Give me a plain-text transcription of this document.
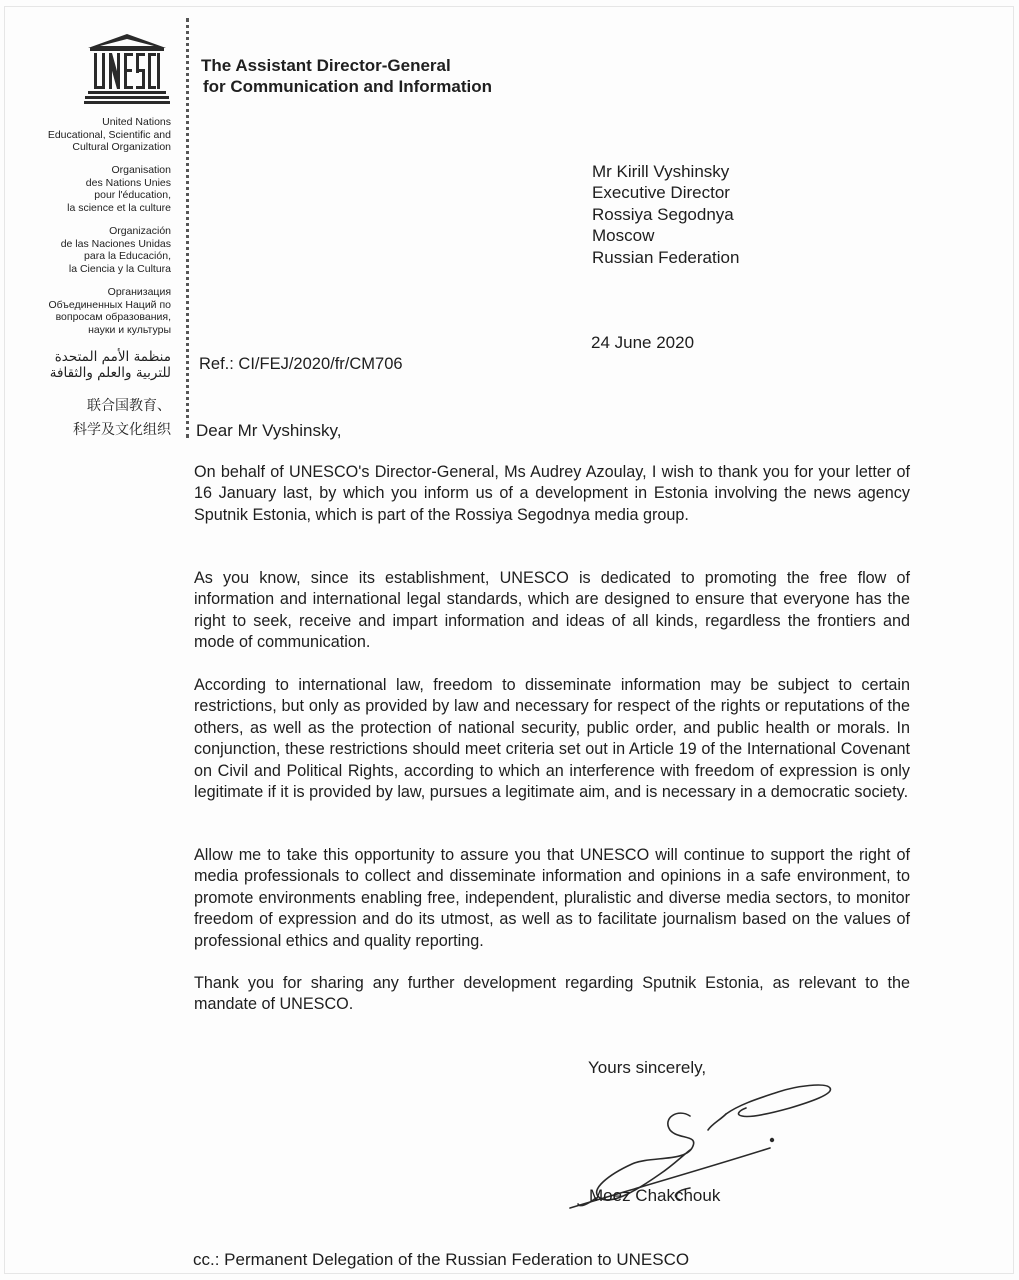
United Nations
Educational, Scientific and
Cultural Organization
Organisation
des Nations Unies
pour l'éducation,
la science et la culture
Organización
de las Naciones Unidas
para la Educación,
la Ciencia y la Cultura
Организация
Объединенных Наций по
вопросам образования,
науки и культуры
منظمة الأمم المتحدة
للتربية والعلم والثقافة
联合国教育、
科学及文化组织
The Assistant Director-General
for Communication and Information
Mr Kirill Vyshinsky
Executive Director
Rossiya Segodnya
Moscow
Russian Federation
24 June 2020
Ref.: CI/FEJ/2020/fr/CM706
Dear Mr Vyshinsky,

On behalf of UNESCO's Director-General, Ms Audrey Azoulay, I wish to thank you for your letter of 16 January last, by which you inform us of a development in Estonia involving the news agency Sputnik Estonia, which is part of the Rossiya Segodnya media group.

As you know, since its establishment, UNESCO is dedicated to promoting the free flow of information and international legal standards, which are designed to ensure that everyone has the right to seek, receive and impart information and ideas of all kinds, regardless the frontiers and mode of communication.

According to international law, freedom to disseminate information may be subject to certain restrictions, but only as provided by law and necessary for respect of the rights or reputations of the others, as well as the protection of national security, public order, and public health or morals. In conjunction, these restrictions should meet criteria set out in Article 19 of the International Covenant on Civil and Political Rights, according to which an interference with freedom of expression is only legitimate if it is provided by law, pursues a legitimate aim, and is necessary in a democratic society.

Allow me to take this opportunity to assure you that UNESCO will continue to support the right of media professionals to collect and disseminate information and opinions in a safe environment, to promote environments enabling free, independent, pluralistic and diverse media sectors, to monitor freedom of expression and do its utmost, as well as to facilitate journalism based on the values of professional ethics and quality reporting.

Thank you for sharing any further development regarding Sputnik Estonia, as relevant to the mandate of UNESCO.

Yours sincerely,
Moez Chakchouk
cc.: Permanent Delegation of the Russian Federation to UNESCO
